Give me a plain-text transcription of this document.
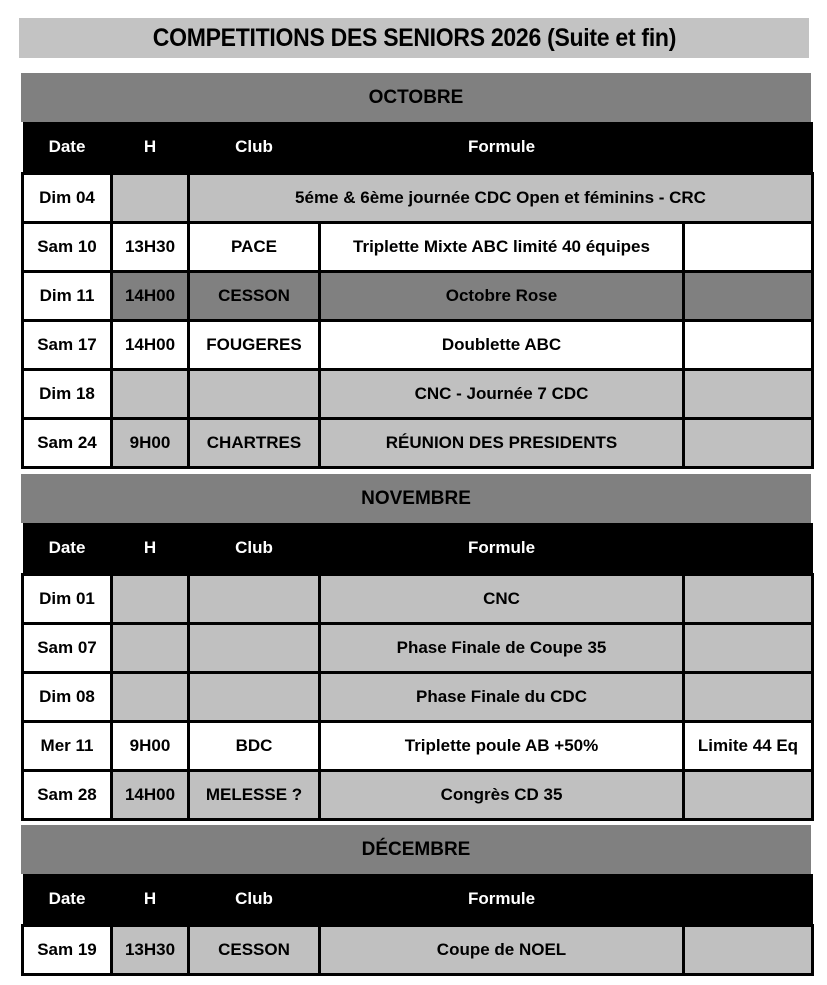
COMPETITIONS DES SENIORS 2026 (Suite et fin)
OCTOBRE
Date	H	Club	Formule	
Dim 04		5éme & 6ème journée CDC Open et féminins - CRC		
Sam 10	13H30	PACE	Triplette Mixte ABC limité 40 équipes	
Dim 11	14H00	CESSON	Octobre Rose	
Sam 17	14H00	FOUGERES	Doublette ABC	
Dim 18			CNC - Journée 7 CDC	
Sam 24	9H00	CHARTRES	RÉUNION DES PRESIDENTS	
NOVEMBRE
Date	H	Club	Formule	
Dim 01			CNC	
Sam 07			Phase Finale de Coupe 35	
Dim 08			Phase Finale du CDC	
Mer 11	9H00	BDC	Triplette poule AB +50%	Limite 44 Eq
Sam 28	14H00	MELESSE ?	Congrès CD 35	
DÉCEMBRE
Date	H	Club	Formule	
Sam 19	13H30	CESSON	Coupe de NOEL	
